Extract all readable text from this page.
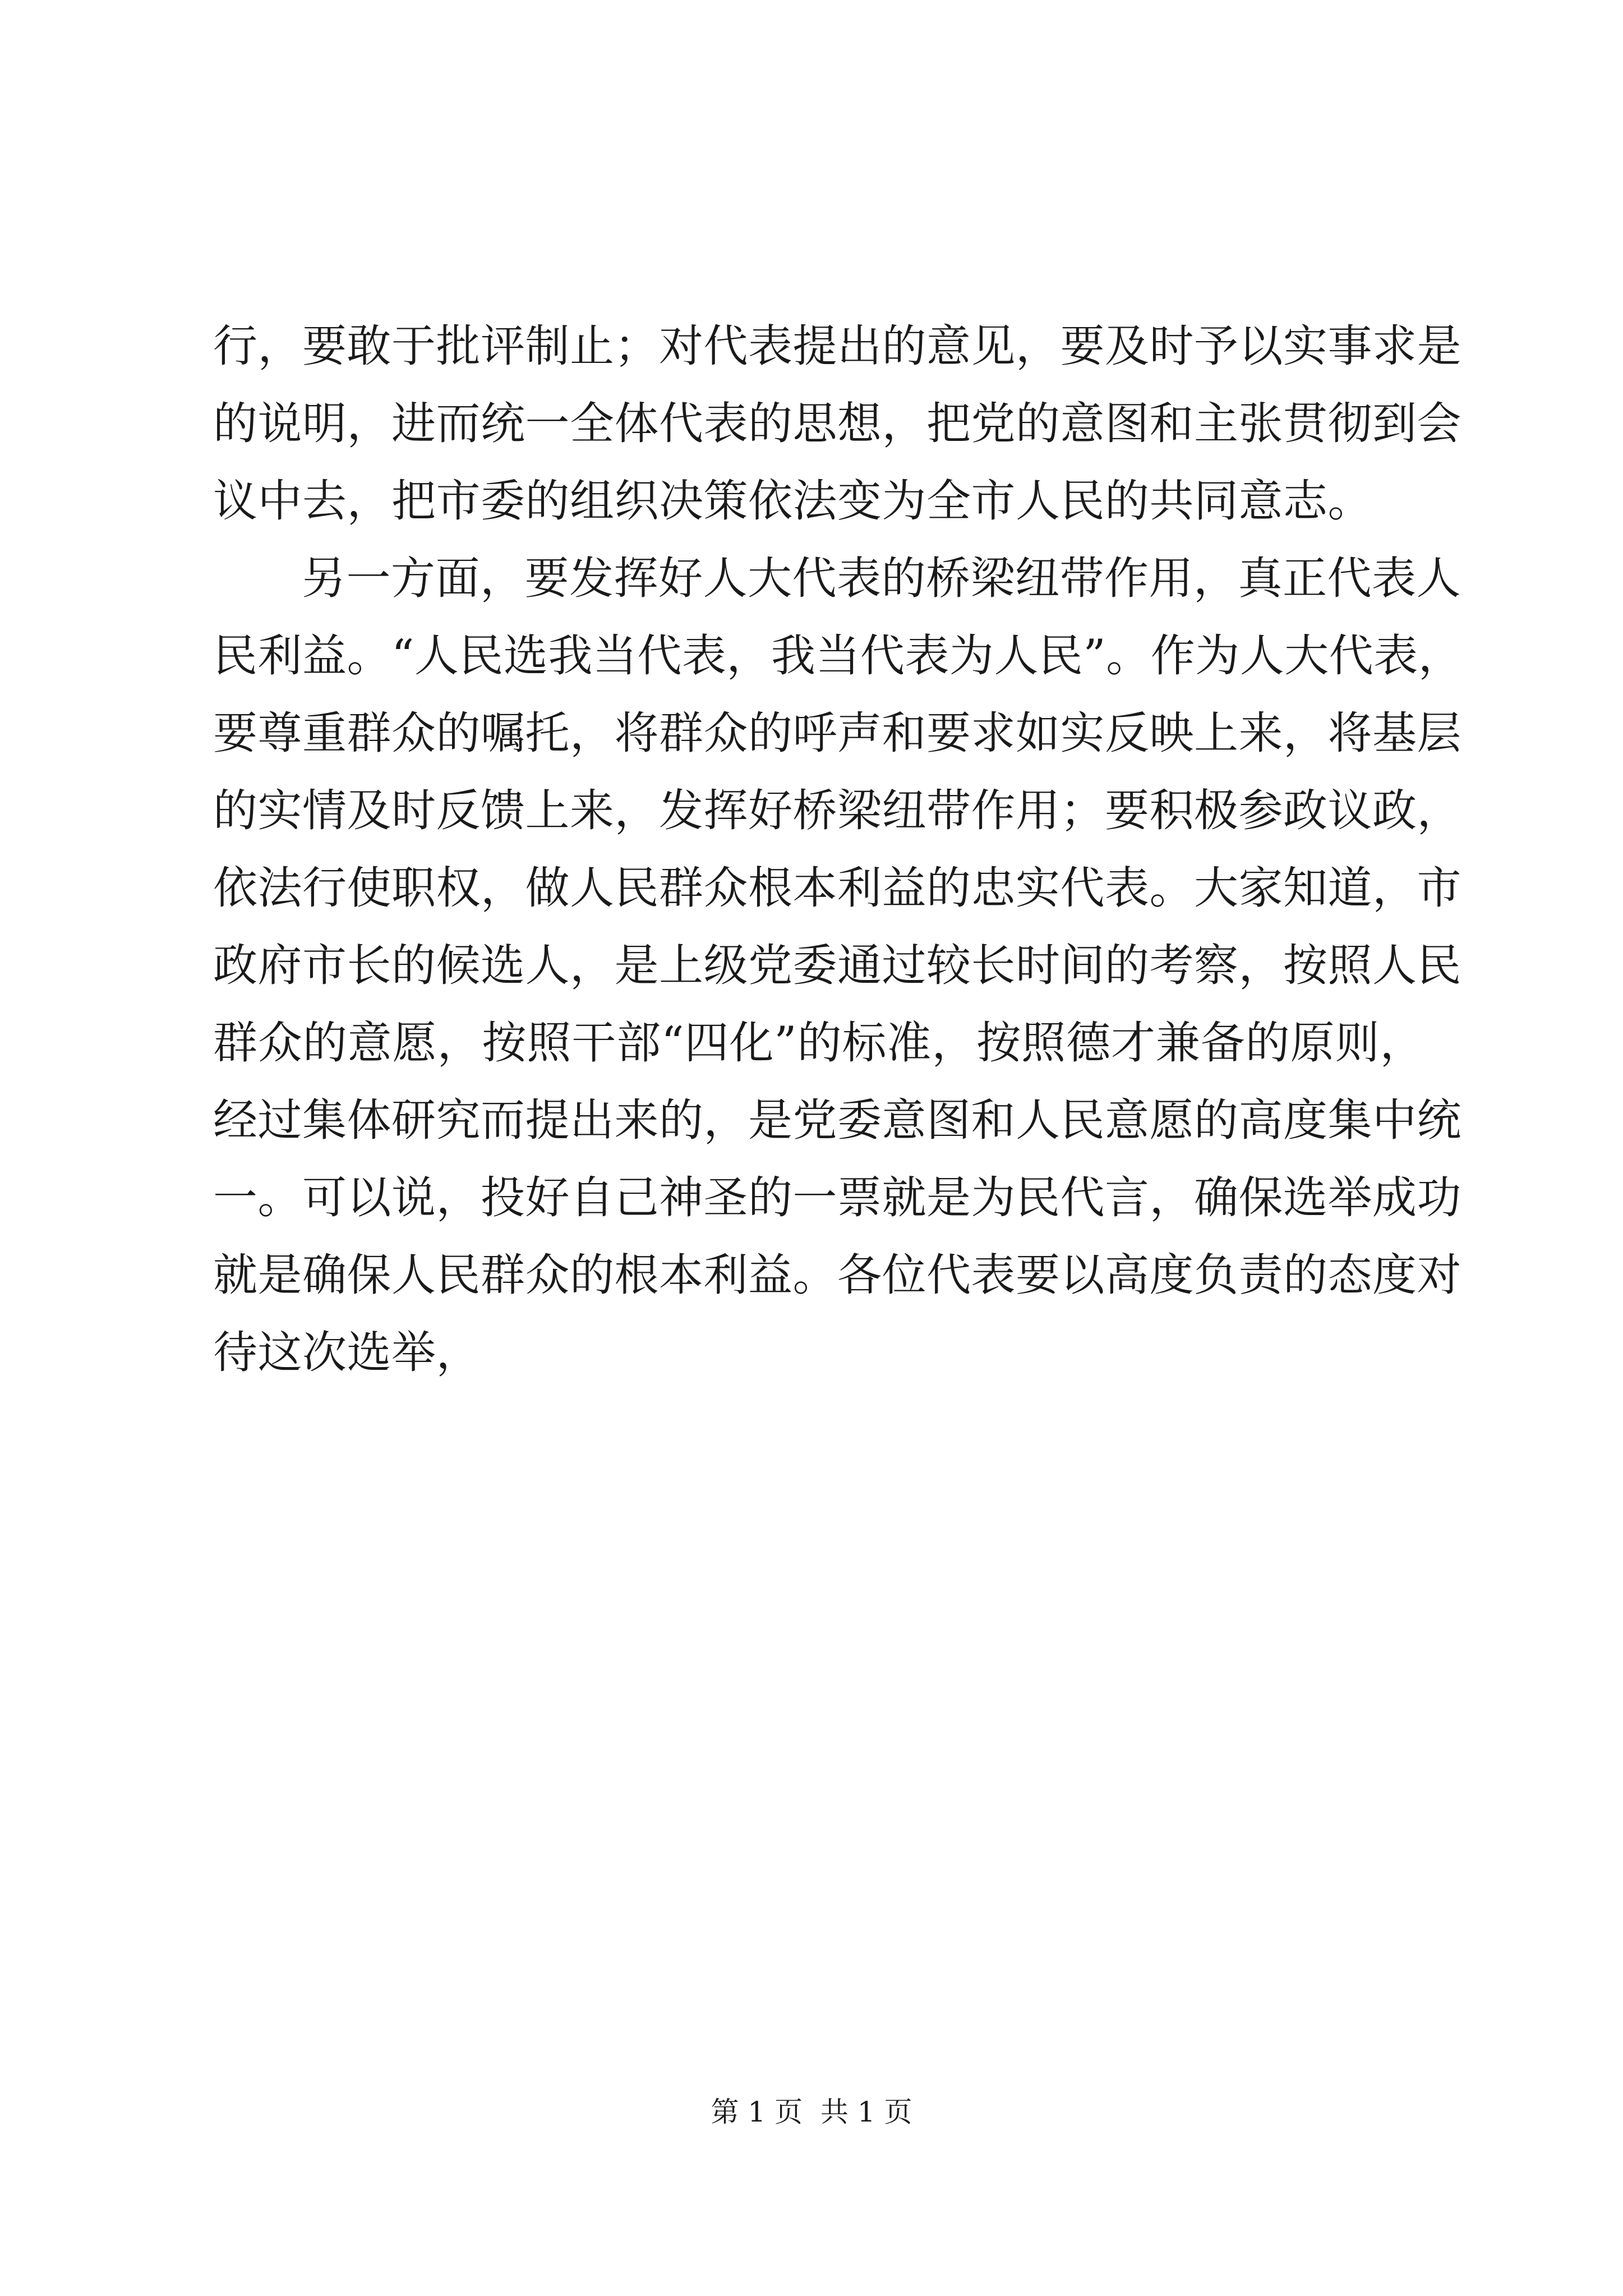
行，要敢于批评制止；对代表提出的意见，要及时予以实事求是
的说明，进而统一全体代表的思想，把党的意图和主张贯彻到会
议中去，把市委的组织决策依法变为全市人民的共同意志。
另一方面，要发挥好人大代表的桥梁纽带作用，真正代表人
民利益。“人民选我当代表，我当代表为人民”。作为人大代表，
要尊重群众的嘱托，将群众的呼声和要求如实反映上来，将基层
的实情及时反馈上来，发挥好桥梁纽带作用；要积极参政议政，
依法行使职权，做人民群众根本利益的忠实代表。大家知道，市
政府市长的候选人，是上级党委通过较长时间的考察，按照人民
群众的意愿，按照干部“四化”的标准，按照德才兼备的原则，
经过集体研究而提出来的，是党委意图和人民意愿的高度集中统
一。可以说，投好自己神圣的一票就是为民代言，确保选举成功
就是确保人民群众的根本利益。各位代表要以高度负责的态度对
待这次选举，
第 1 页  共 1 页
